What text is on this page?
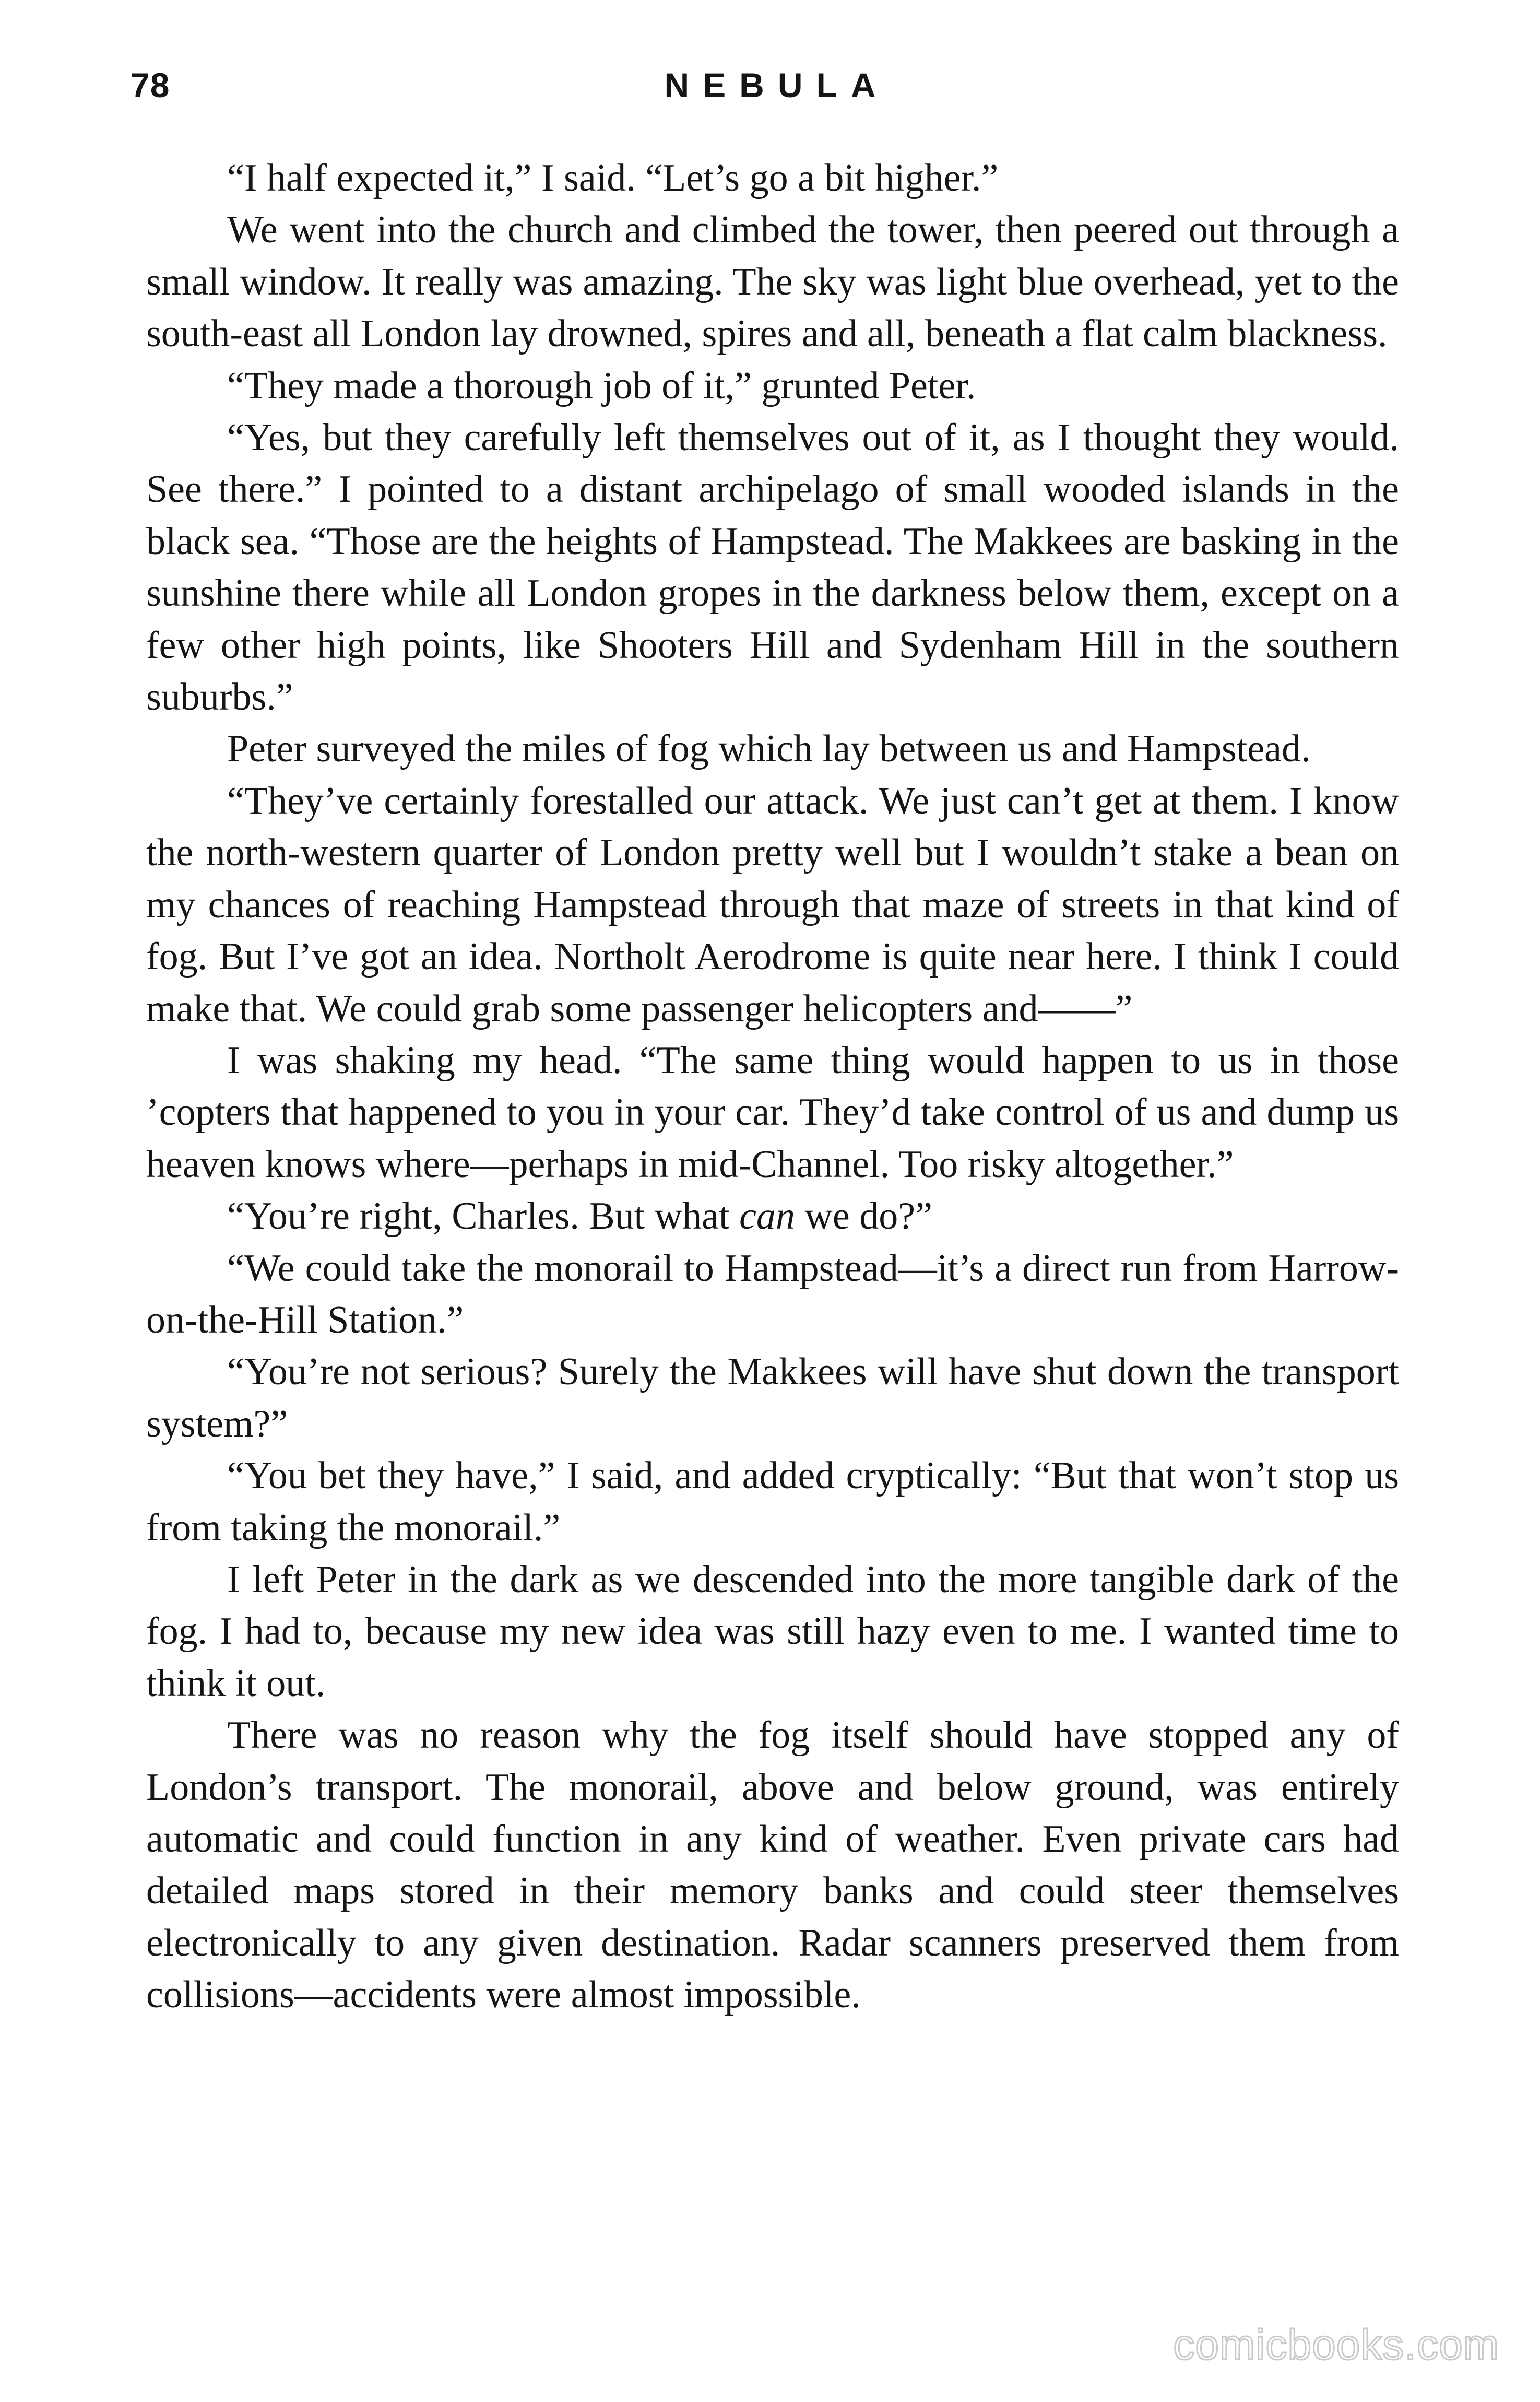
78	NEBULA

“I half expected it,” I said. “Let’s go a bit higher.”

We went into the church and climbed the tower, then peered out through a small window. It really was amazing. The sky was light blue overhead, yet to the south-east all London lay drowned, spires and all, beneath a flat calm blackness.

“They made a thorough job of it,” grunted Peter.

“Yes, but they carefully left themselves out of it, as I thought they would. See there.” I pointed to a distant archipelago of small wooded islands in the black sea. “Those are the heights of Hampstead. The Makkees are basking in the sunshine there while all London gropes in the darkness below them, except on a few other high points, like Shooters Hill and Sydenham Hill in the southern suburbs.”

Peter surveyed the miles of fog which lay between us and Hampstead.

“They’ve certainly forestalled our attack. We just can’t get at them. I know the north-western quarter of London pretty well but I wouldn’t stake a bean on my chances of reaching Hampstead through that maze of streets in that kind of fog. But I’ve got an idea. Northolt Aerodrome is quite near here. I think I could make that. We could grab some passenger helicopters and——”

I was shaking my head. “The same thing would happen to us in those ’copters that happened to you in your car. They’d take control of us and dump us heaven knows where—perhaps in mid-Channel. Too risky altogether.”

“You’re right, Charles. But what can we do?”

“We could take the monorail to Hampstead—it’s a direct run from Harrow-on-the-Hill Station.”

“You’re not serious? Surely the Makkees will have shut down the transport system?”

“You bet they have,” I said, and added cryptically: “But that won’t stop us from taking the monorail.”

I left Peter in the dark as we descended into the more tangible dark of the fog. I had to, because my new idea was still hazy even to me. I wanted time to think it out.

There was no reason why the fog itself should have stopped any of London’s transport. The monorail, above and below ground, was entirely automatic and could function in any kind of weather. Even private cars had detailed maps stored in their memory banks and could steer themselves electronically to any given destination. Radar scanners preserved them from collisions—accidents were almost impossible.

comicbooks.com
